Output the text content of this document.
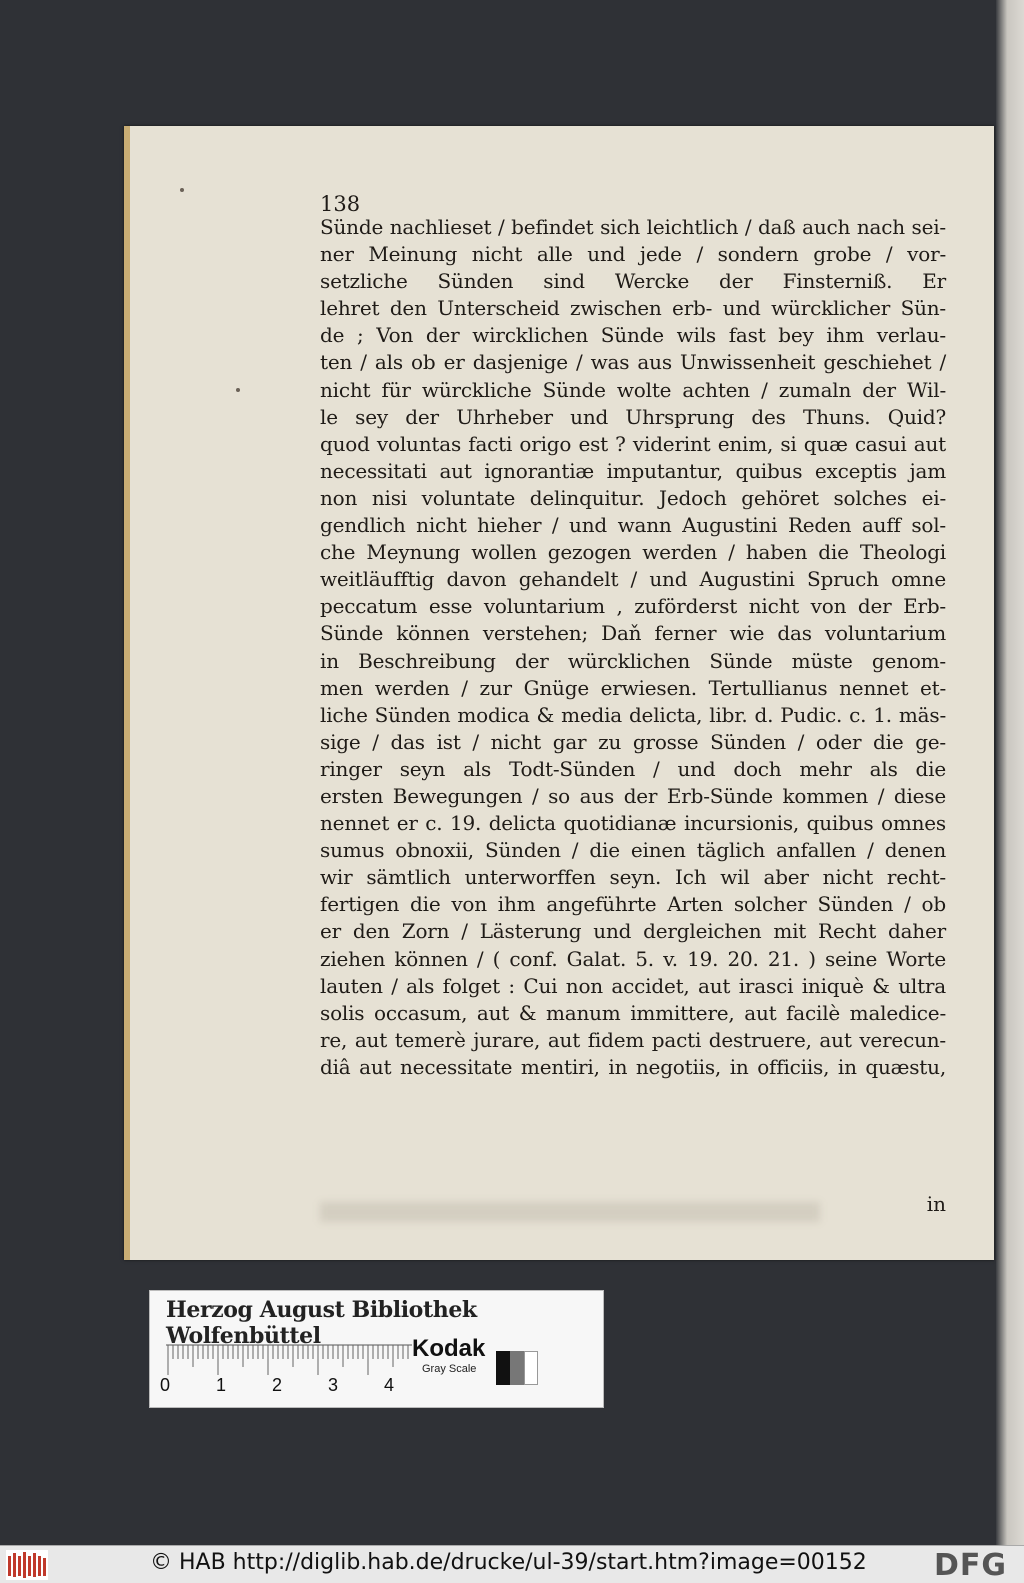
138

Sünde nachlieset / befindet sich leichtlich / daß auch nach sei-
ner Meinung nicht alle und jede / sondern grobe / vor-
setzliche Sünden sind Wercke der Finsterniß. Er
lehret den Unterscheid zwischen erb- und würcklicher Sün-
de ; Von der wircklichen Sünde wils fast bey ihm verlau-
ten / als ob er dasjenige / was aus Unwissenheit geschiehet /
nicht für würckliche Sünde wolte achten / zumaln der Wil-
le sey der Uhrheber und Uhrsprung des Thuns. Quid?
quod voluntas facti origo est ? viderint enim, si quæ casui aut
necessitati aut ignorantiæ imputantur, quibus exceptis jam
non nisi voluntate delinquitur. Jedoch gehöret solches ei-
gendlich nicht hieher / und wann Augustini Reden auff sol-
che Meynung wollen gezogen werden / haben die Theologi
weitläufftig davon gehandelt / und Augustini Spruch omne
peccatum esse voluntarium , zuförderst nicht von der Erb-
Sünde können verstehen; Daň ferner wie das voluntarium
in Beschreibung der würcklichen Sünde müste genom-
men werden / zur Gnüge erwiesen. Tertullianus nennet et-
liche Sünden modica & media delicta, libr. d. Pudic. c. 1. mäs-
sige / das ist / nicht gar zu grosse Sünden / oder die ge-
ringer seyn als Todt-Sünden / und doch mehr als die
ersten Bewegungen / so aus der Erb-Sünde kommen / diese
nennet er c. 19. delicta quotidianæ incursionis, quibus omnes
sumus obnoxii, Sünden / die einen täglich anfallen / denen
wir sämtlich unterworffen seyn. Ich wil aber nicht recht-
fertigen die von ihm angeführte Arten solcher Sünden / ob
er den Zorn / Lästerung und dergleichen mit Recht daher
ziehen können / ( conf. Galat. 5. v. 19. 20. 21. ) seine Worte
lauten / als folget : Cui non accidet, aut irasci iniquè & ultra
solis occasum, aut & manum immittere, aut facilè maledice-
re, aut temerè jurare, aut fidem pacti destruere, aut verecun-
diâ aut necessitate mentiri, in negotiis, in officiis, in quæstu,
in

Herzog August Bibliothek Wolfenbüttel

0	1	2	3	4

Kodak

Gray Scale

© HAB http://diglib.hab.de/drucke/ul-39/start.htm?image=00152 DFG
